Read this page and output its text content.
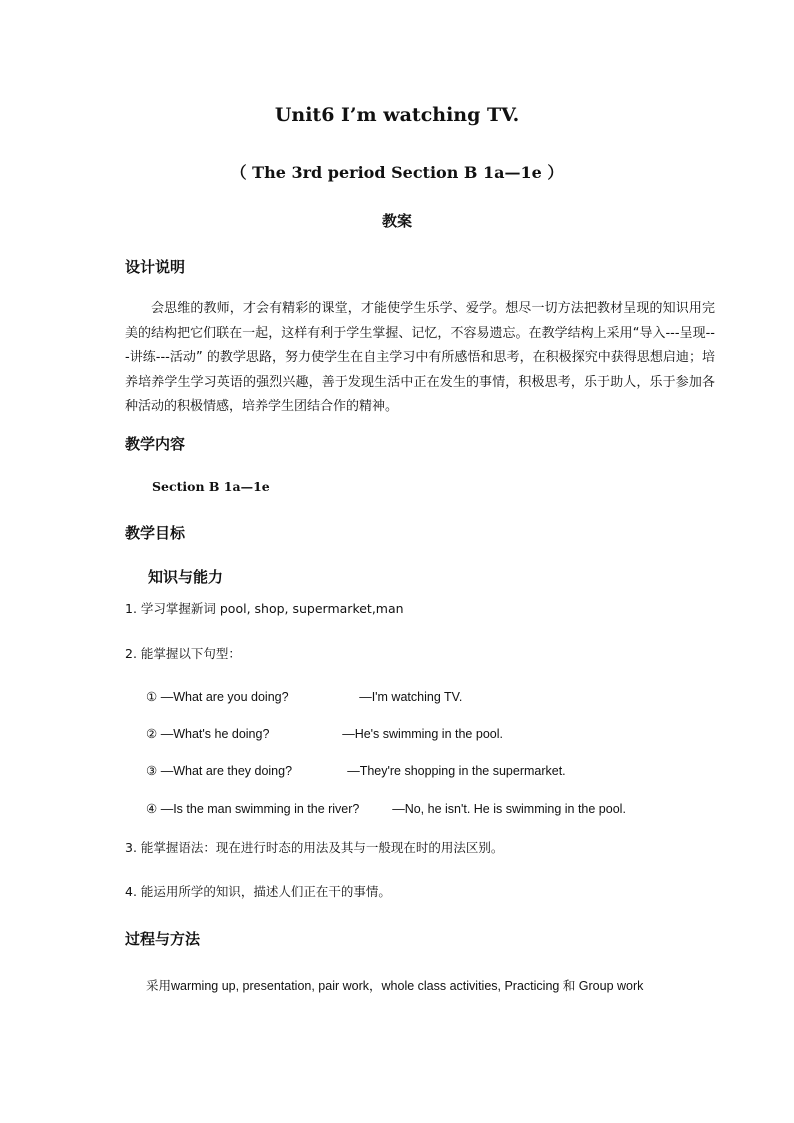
Unit6 I’m watching TV.
（ The 3rd period Section B 1a—1e ）
教案
设计说明
会思维的教师，才会有精彩的课堂，才能使学生乐学、爱学。想尽一切方法把教材呈现的知识用完美的结构把它们联在一起，这样有利于学生掌握、记忆，不容易遗忘。在教学结构上采用“导入---呈现---讲练---活动” 的教学思路，努力使学生在自主学习中有所感悟和思考，在积极探究中获得思想启迪；培养培养学生学习英语的强烈兴趣，善于发现生活中正在发生的事情，积极思考，乐于助人，乐于参加各种活动的积极情感，培养学生团结合作的精神。
教学内容
Section B 1a—1e
教学目标
知识与能力
1. 学习掌握新词 pool, shop, supermarket,man
2. 能掌握以下句型：
① —What are you doing?	—I'm watching TV.
② —What's he doing?	—He's swimming in the pool.
③ —What are they doing?	—They're shopping in the supermarket.
④ —Is the man swimming in the river?	—No, he isn't. He is swimming in the pool.
3. 能掌握语法：现在进行时态的用法及其与一般现在时的用法区别。
4. 能运用所学的知识，描述人们正在干的事情。
过程与方法
采用warming up, presentation, pair work，whole class activities, Practicing 和 Group work
